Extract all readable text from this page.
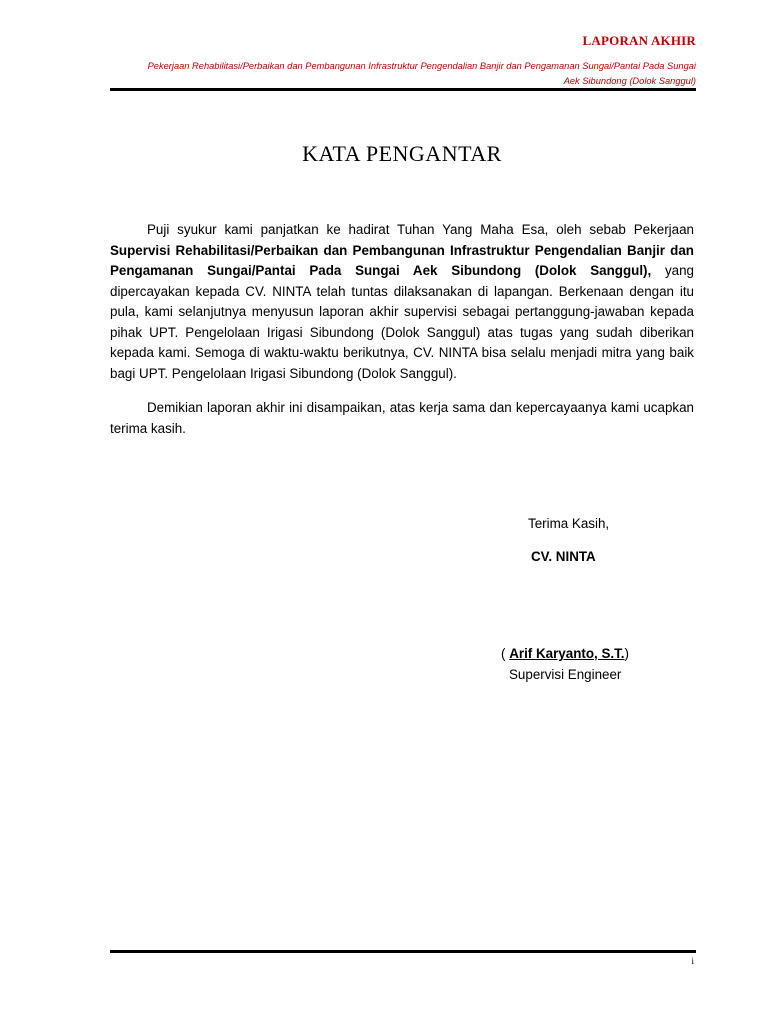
LAPORAN AKHIR
Pekerjaan Rehabilitasi/Perbaikan dan Pembangunan Infrastruktur Pengendalian Banjir dan Pengamanan Sungai/Pantai Pada Sungai
Aek Sibundong (Dolok Sanggul)
KATA PENGANTAR
Puji syukur kami panjatkan ke hadirat Tuhan Yang Maha Esa, oleh sebab Pekerjaan Supervisi Rehabilitasi/Perbaikan dan Pembangunan Infrastruktur Pengendalian Banjir dan Pengamanan Sungai/Pantai Pada Sungai Aek Sibundong (Dolok Sanggul), yang dipercayakan kepada CV. NINTA telah tuntas dilaksanakan di lapangan. Berkenaan dengan itu pula, kami selanjutnya menyusun laporan akhir supervisi sebagai pertanggung-jawaban kepada pihak UPT. Pengelolaan Irigasi Sibundong (Dolok Sanggul) atas tugas yang sudah diberikan kepada kami. Semoga di waktu-waktu berikutnya, CV. NINTA bisa selalu menjadi mitra yang baik bagi UPT. Pengelolaan Irigasi Sibundong (Dolok Sanggul).
Demikian laporan akhir ini disampaikan, atas kerja sama dan kepercayaanya kami ucapkan terima kasih.
Terima Kasih,
CV. NINTA
( Arif Karyanto, S.T.)
Supervisi Engineer
i
